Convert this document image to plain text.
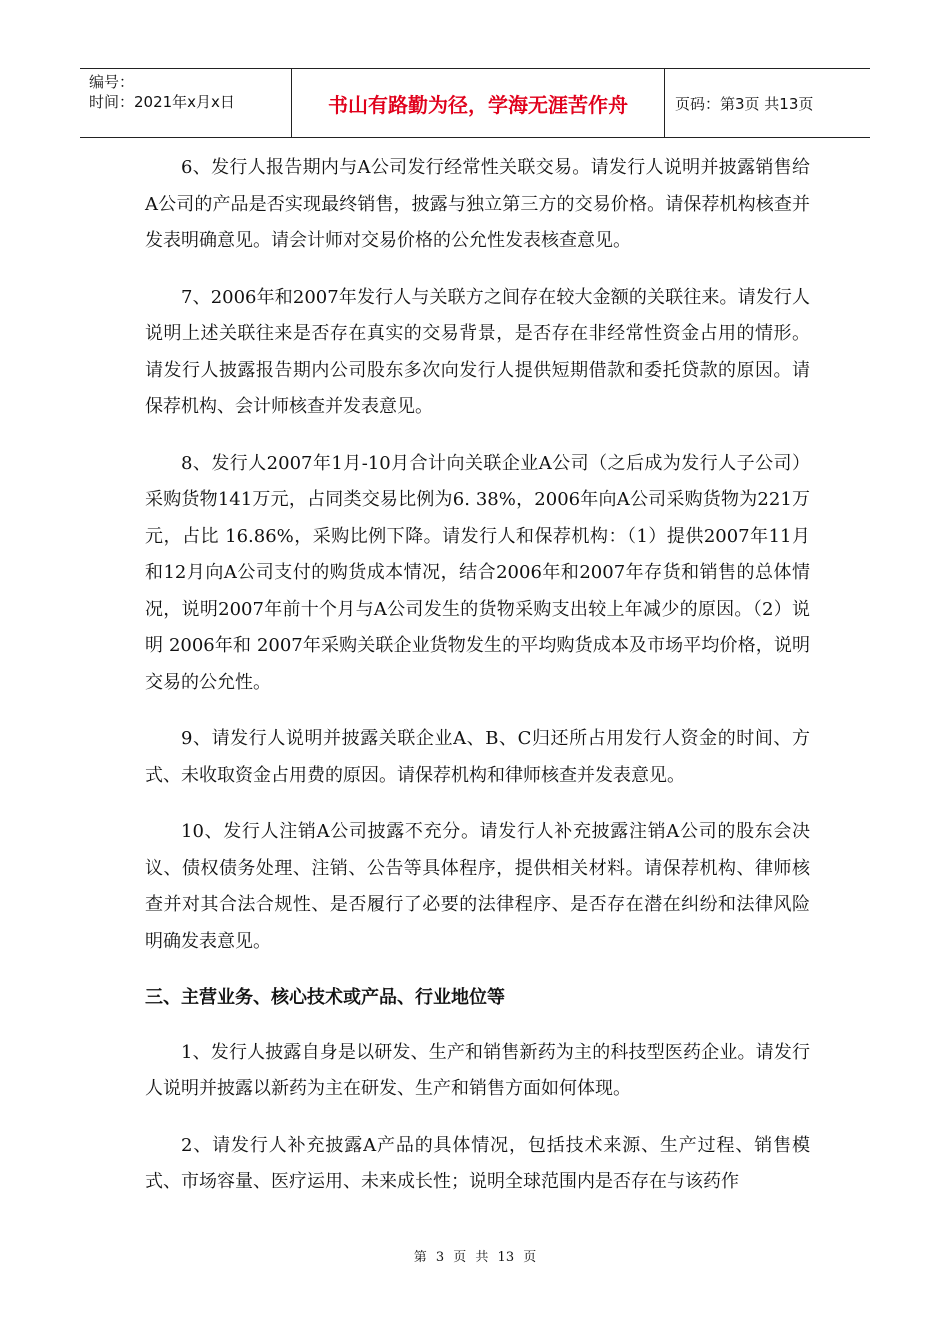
编号：
时间：2021年x月x日	书山有路勤为径，学海无涯苦作舟	页码：第3页 共13页

6、发行人报告期内与A公司发行经常性关联交易。请发行人说明并披露销售给A公司的产品是否实现最终销售，披露与独立第三方的交易价格。请保荐机构核查并发表明确意见。请会计师对交易价格的公允性发表核查意见。

7、2006年和2007年发行人与关联方之间存在较大金额的关联往来。请发行人说明上述关联往来是否存在真实的交易背景，是否存在非经常性资金占用的情形。请发行人披露报告期内公司股东多次向发行人提供短期借款和委托贷款的原因。请保荐机构、会计师核查并发表意见。

8、发行人2007年1月-10月合计向关联企业A公司（之后成为发行人子公司）采购货物141万元，占同类交易比例为6. 38%，2006年向A公司采购货物为221万元，占比 16.86%，采购比例下降。请发行人和保荐机构：（1）提供2007年11月和12月向A公司支付的购货成本情况，结合2006年和2007年存货和销售的总体情况，说明2007年前十个月与A公司发生的货物采购支出较上年减少的原因。（2）说明 2006年和 2007年采购关联企业货物发生的平均购货成本及市场平均价格，说明交易的公允性。

9、请发行人说明并披露关联企业A、B、C归还所占用发行人资金的时间、方式、未收取资金占用费的原因。请保荐机构和律师核查并发表意见。

10、发行人注销A公司披露不充分。请发行人补充披露注销A公司的股东会决议、债权债务处理、注销、公告等具体程序，提供相关材料。请保荐机构、律师核查并对其合法合规性、是否履行了必要的法律程序、是否存在潜在纠纷和法律风险明确发表意见。

三、主营业务、核心技术或产品、行业地位等

1、发行人披露自身是以研发、生产和销售新药为主的科技型医药企业。请发行人说明并披露以新药为主在研发、生产和销售方面如何体现。

2、请发行人补充披露A产品的具体情况，包括技术来源、生产过程、销售模式、市场容量、医疗运用、未来成长性；说明全球范围内是否存在与该药作

第 3 页 共 13 页
